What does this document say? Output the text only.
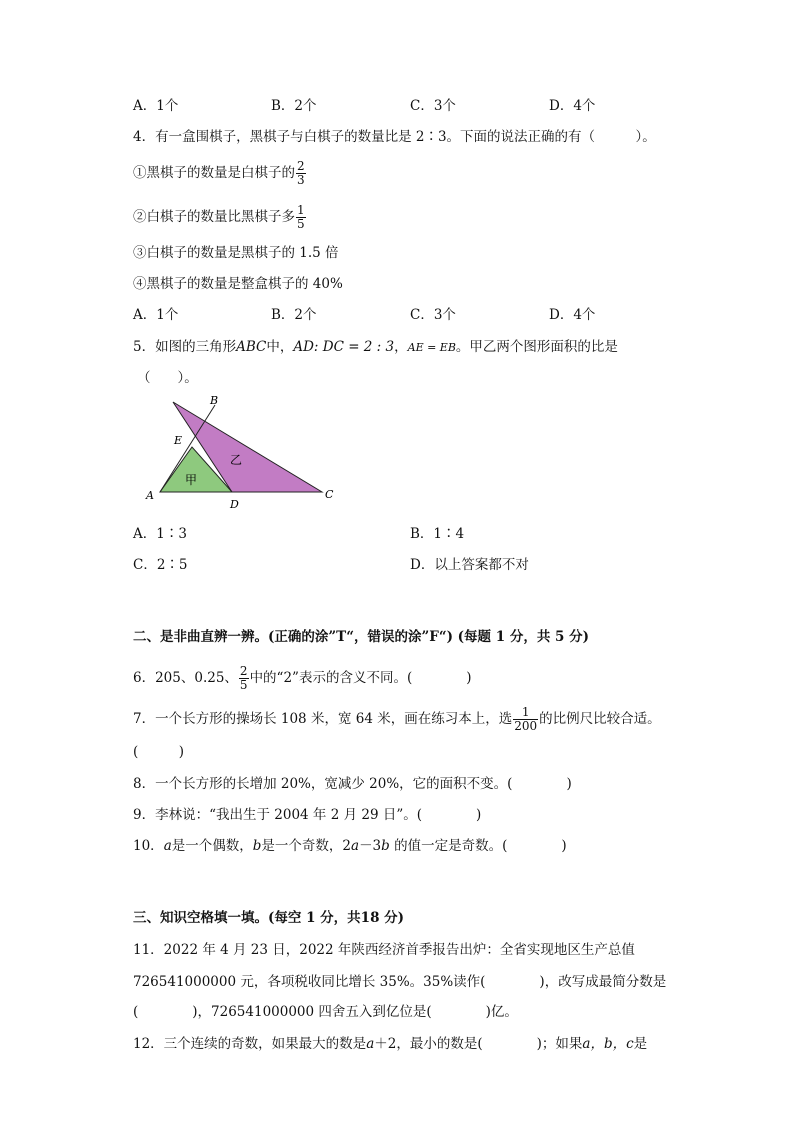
A．1个	B．2个	C．3个	D．4个
4．有一盒围棋子，黑棋子与白棋子的数量比是 2∶3。下面的说法正确的有（　　　）。
①黑棋子的数量是白棋子的 $\frac{2}{3}$
②白棋子的数量比黑棋子多 $\frac{1}{5}$
③白棋子的数量是黑棋子的 1.5 倍
④黑棋子的数量是整盒棋子的 40%
A．1个	B．2个	C．3个	D．4个
5．如图的三角形ABC中，AD: DC = 2 : 3，AE = EB。甲乙两个图形面积的比是
（　　）。
B
E
A
D
C
甲
乙
A．1∶3	B．1∶4
C．2∶5	D．以上答案都不对
二、是非曲直辨一辨。(正确的涂”T“，错误的涂”F“) (每题 1 分，共 5 分)
6．205、0.25、 $\frac{2}{5}$ 中的“2”表示的含义不同。(　　　　)
7．一个长方形的操场长 108 米，宽 64 米，画在练习本上，选 $\frac{1}{200}$ 的比例尺比较合适。
(　　　)
8．一个长方形的长增加 20%，宽减少 20%，它的面积不变。(　　　　)
9．李林说：“我出生于 2004 年 2 月 29 日”。(　　　　)
10．a是一个偶数，b是一个奇数，2a－3b 的值一定是奇数。(　　　　)
三、知识空格填一填。(每空 1 分，共18 分)
11．2022 年 4 月 23 日，2022 年陕西经济首季报告出炉：全省实现地区生产总值
726541000000 元，各项税收同比增长 35%。35%读作(　　　　)，改写成最简分数是
(　　　　)，726541000000 四舍五入到亿位是(　　　　)亿。
12．三个连续的奇数，如果最大的数是a＋2，最小的数是(　　　　)；如果a，b，c是
